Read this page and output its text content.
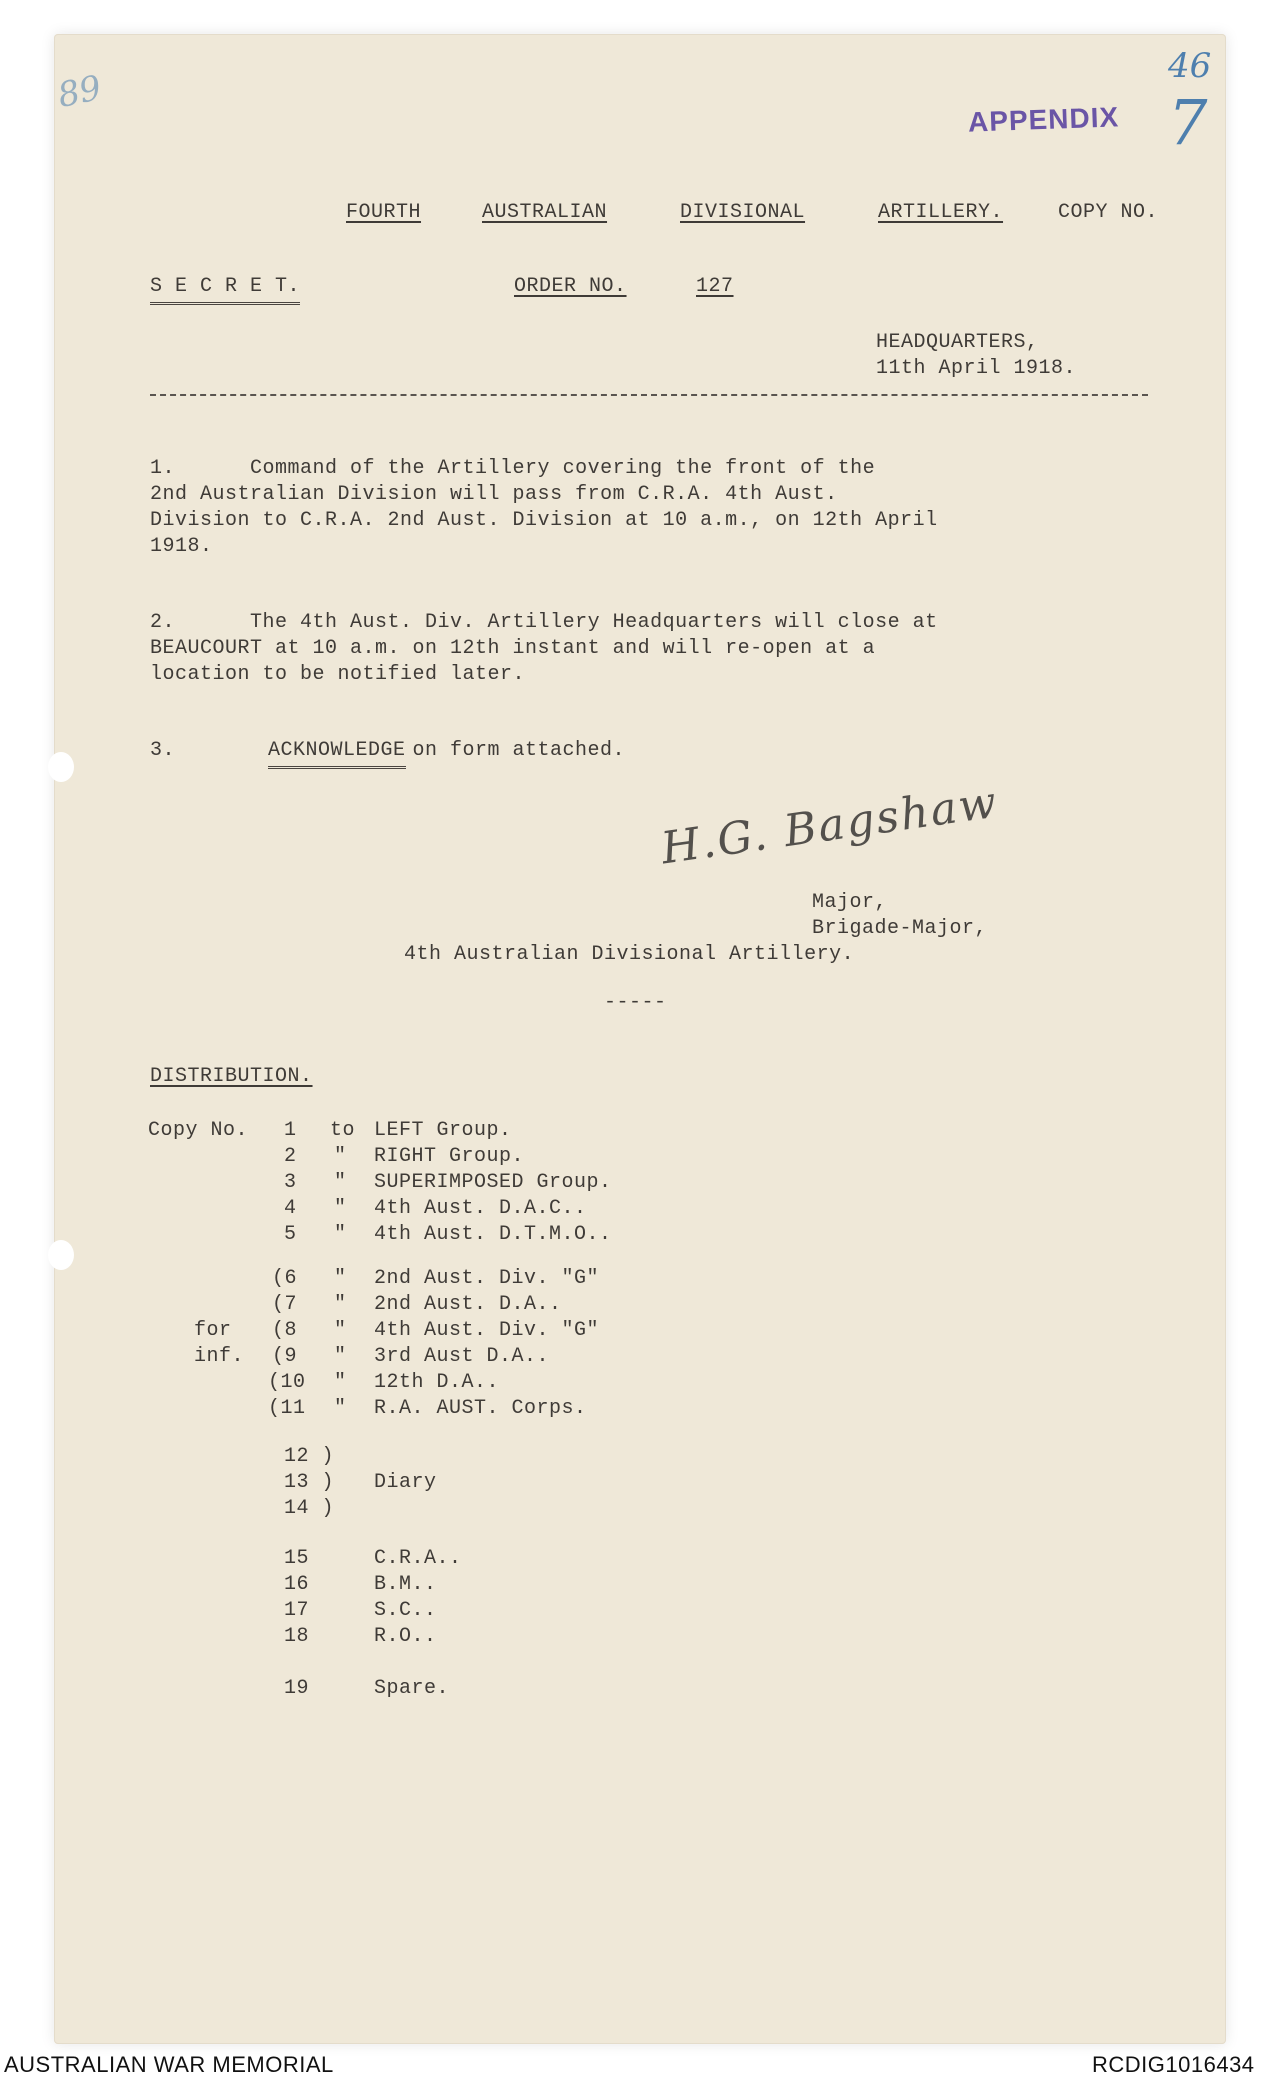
89
46
7
APPENDIX
FOURTH	AUSTRALIAN	DIVISIONAL	ARTILLERY.	COPY NO.
S E C R E T.	ORDER NO.	127
HEADQUARTERS,
11th April 1918.
1.      Command of the Artillery covering the front of the
2nd Australian Division will pass from C.R.A. 4th Aust.
Division to C.R.A. 2nd Aust. Division at 10 a.m., on 12th April
1918.
2.      The 4th Aust. Div. Artillery Headquarters will close at
BEAUCOURT at 10 a.m. on 12th instant and will re-open at a
location to be notified later.
3.	ACKNOWLEDGE
on form attached.
H.G. Bagshaw
Major,
Brigade-Major,
4th Australian Divisional Artillery.
-----
DISTRIBUTION.
Copy No. 1 to LEFT Group.
2 " RIGHT Group.
3 " SUPERIMPOSED Group.
4 " 4th Aust. D.A.C..
5 " 4th Aust. D.T.M.O..
for
inf.
(6 " 2nd Aust. Div. "G"
(7 " 2nd Aust. D.A..
(8 " 4th Aust. Div. "G"
(9 " 3rd Aust D.A..
(10 " 12th D.A..
(11 " R.A. AUST. Corps.
12 )
13 )
14 )
Diary
15	C.R.A..
16	B.M..
17	S.C..
18	R.O..
19	Spare.
AUSTRALIAN WAR MEMORIAL	RCDIG1016434
